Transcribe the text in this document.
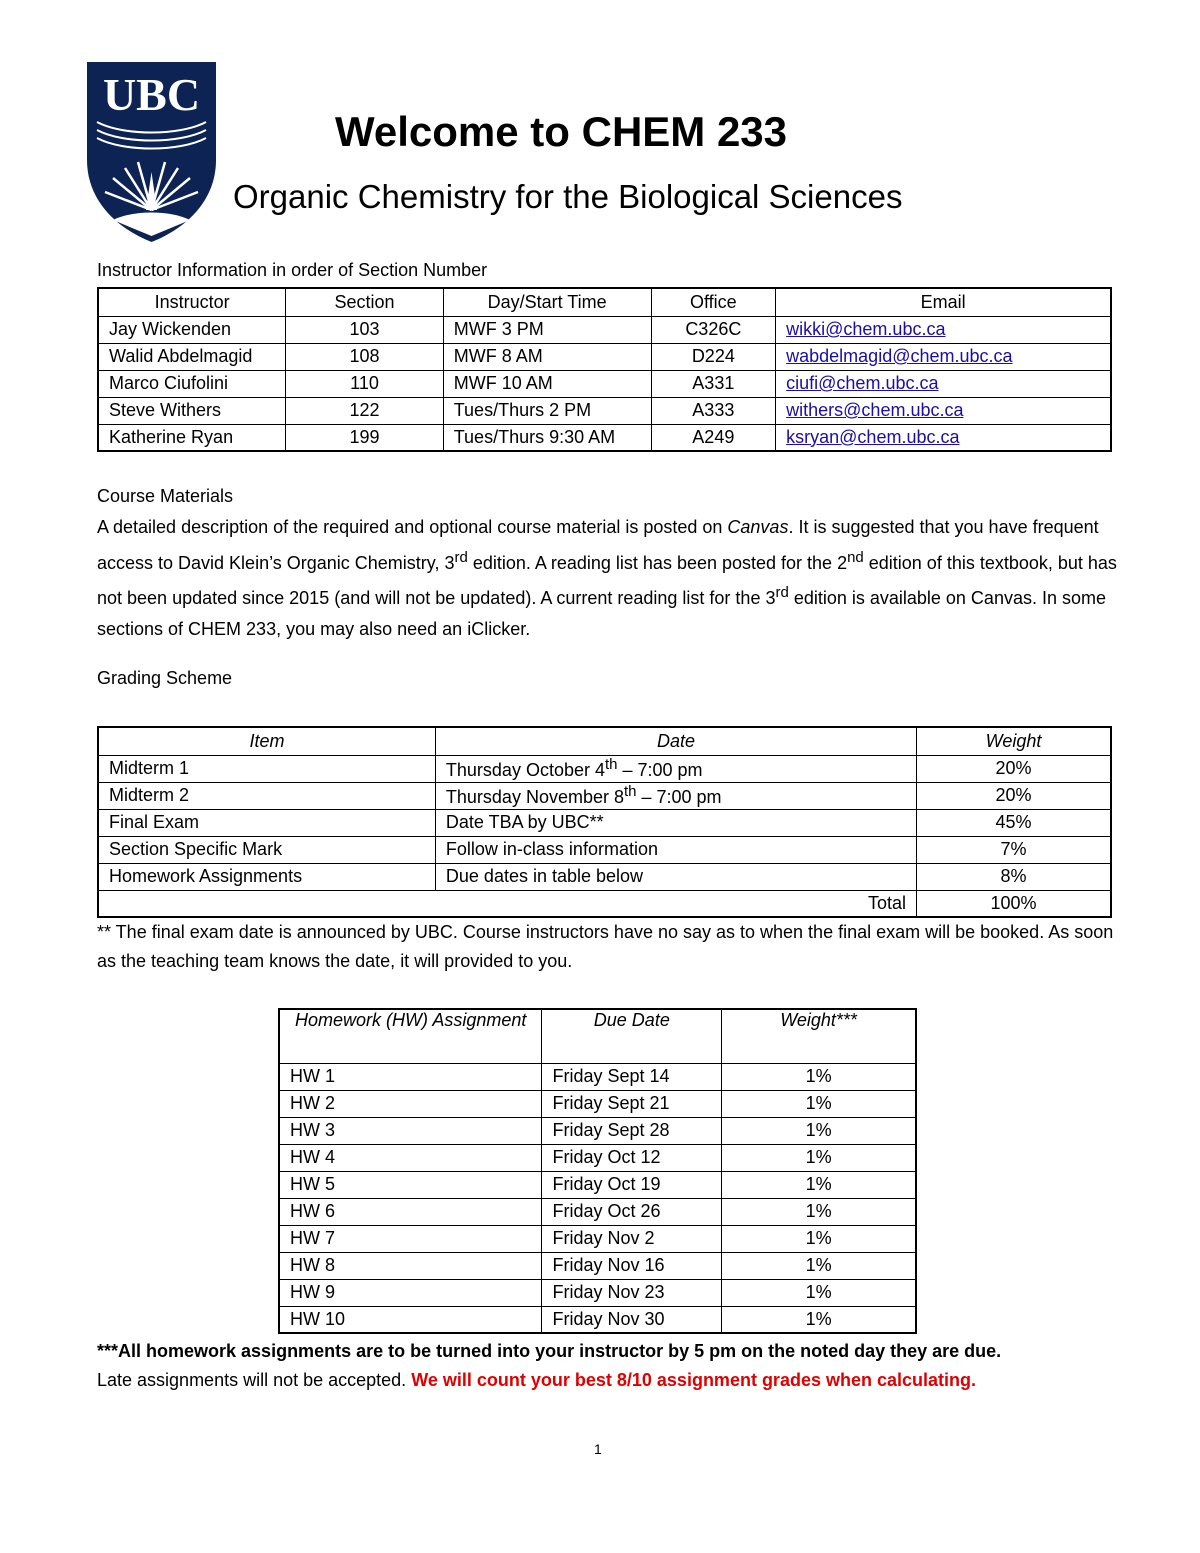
UBC
Welcome to CHEM 233
Organic Chemistry for the Biological Sciences

Instructor Information in order of Section Number

Instructor	Section	Day/Start Time	Office	Email
Jay Wickenden	103	MWF 3 PM	C326C	wikki@chem.ubc.ca
Walid Abdelmagid	108	MWF 8 AM	D224	wabdelmagid@chem.ubc.ca
Marco Ciufolini	110	MWF 10 AM	A331	ciufi@chem.ubc.ca
Steve Withers	122	Tues/Thurs 2 PM	A333	withers@chem.ubc.ca
Katherine Ryan	199	Tues/Thurs 9:30 AM	A249	ksryan@chem.ubc.ca

Course Materials

A detailed description of the required and optional course material is posted on Canvas. It is suggested that you have frequent access to David Klein’s Organic Chemistry, 3rd edition. A reading list has been posted for the 2nd edition of this textbook, but has not been updated since 2015 (and will not be updated). A current reading list for the 3rd edition is available on Canvas. In some sections of CHEM 233, you may also need an iClicker.

Grading Scheme

Item	Date	Weight
Midterm 1	Thursday October 4th – 7:00 pm	20%
Midterm 2	Thursday November 8th – 7:00 pm	20%
Final Exam	Date TBA by UBC**	45%
Section Specific Mark	Follow in-class information	7%
Homework Assignments	Due dates in table below	8%
Total		100%

** The final exam date is announced by UBC. Course instructors have no say as to when the final exam will be booked. As soon as the teaching team knows the date, it will provided to you.

Homework (HW) Assignment	Due Date	Weight***
HW 1	Friday Sept 14	1%
HW 2	Friday Sept 21	1%
HW 3	Friday Sept 28	1%
HW 4	Friday Oct 12	1%
HW 5	Friday Oct 19	1%
HW 6	Friday Oct 26	1%
HW 7	Friday Nov 2	1%
HW 8	Friday Nov 16	1%
HW 9	Friday Nov 23	1%
HW 10	Friday Nov 30	1%

***All homework assignments are to be turned into your instructor by 5 pm on the noted day they are due.
Late assignments will not be accepted. We will count your best 8/10 assignment grades when calculating.

1
